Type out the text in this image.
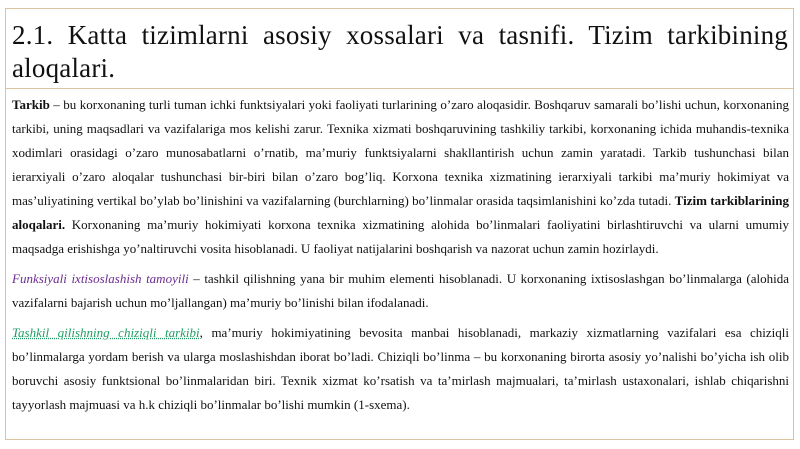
2.1. Katta tizimlarni asosiy xossalari va tasnifi. Tizim tarkibining aloqalari.

Tarkib – bu korxonaning turli tuman ichki funktsiyalari yoki faoliyati turlarining o’zaro aloqasidir. Boshqaruv samarali bo’lishi uchun, korxonaning tarkibi, uning maqsadlari va vazifalariga mos kelishi zarur. Texnika xizmati boshqaruvining tashkiliy tarkibi, korxonaning ichida muhandis-texnika xodimlari orasidagi o’zaro munosabatlarni o’rnatib, ma’muriy funktsiyalarni shakllantirish uchun zamin yaratadi. Tarkib tushunchasi bilan ierarxiyali o’zaro aloqalar tushunchasi bir-biri bilan o’zaro bog’liq. Korxona texnika xizmatining ierarxiyali tarkibi ma’muriy hokimiyat va mas’uliyatining vertikal bo’ylab bo’linishini va vazifalarning (burchlarning) bo’linmalar orasida taqsimlanishini ko’zda tutadi. Tizim tarkiblarining aloqalari. Korxonaning ma’muriy hokimiyati korxona texnika xizmatining alohida bo’linmalari faoliyatini birlashtiruvchi va ularni umumiy maqsadga erishishga yo’naltiruvchi vosita hisoblanadi. U faoliyat natijalarini boshqarish va nazorat uchun zamin hozirlaydi.

Funksiyali ixtisoslashish tamoyili – tashkil qilishning yana bir muhim elementi hisoblanadi. U korxonaning ixtisoslashgan bo’linmalarga (alohida vazifalarni bajarish uchun mo’ljallangan) ma’muriy bo’linishi bilan ifodalanadi.

Tashkil qilishning chiziqli tarkibi, ma’muriy hokimiyatining bevosita manbai hisoblanadi, markaziy xizmatlarning vazifalari esa chiziqli bo’linmalarga yordam berish va ularga moslashishdan iborat bo’ladi. Chiziqli bo’linma – bu korxonaning birorta asosiy yo’nalishi bo’yicha ish olib boruvchi asosiy funktsional bo’linmalaridan biri. Texnik xizmat ko’rsatish va ta’mirlash majmualari, ta’mirlash ustaxonalari, ishlab chiqarishni tayyorlash majmuasi va h.k chiziqli bo’linmalar bo’lishi mumkin (1-sxema).
